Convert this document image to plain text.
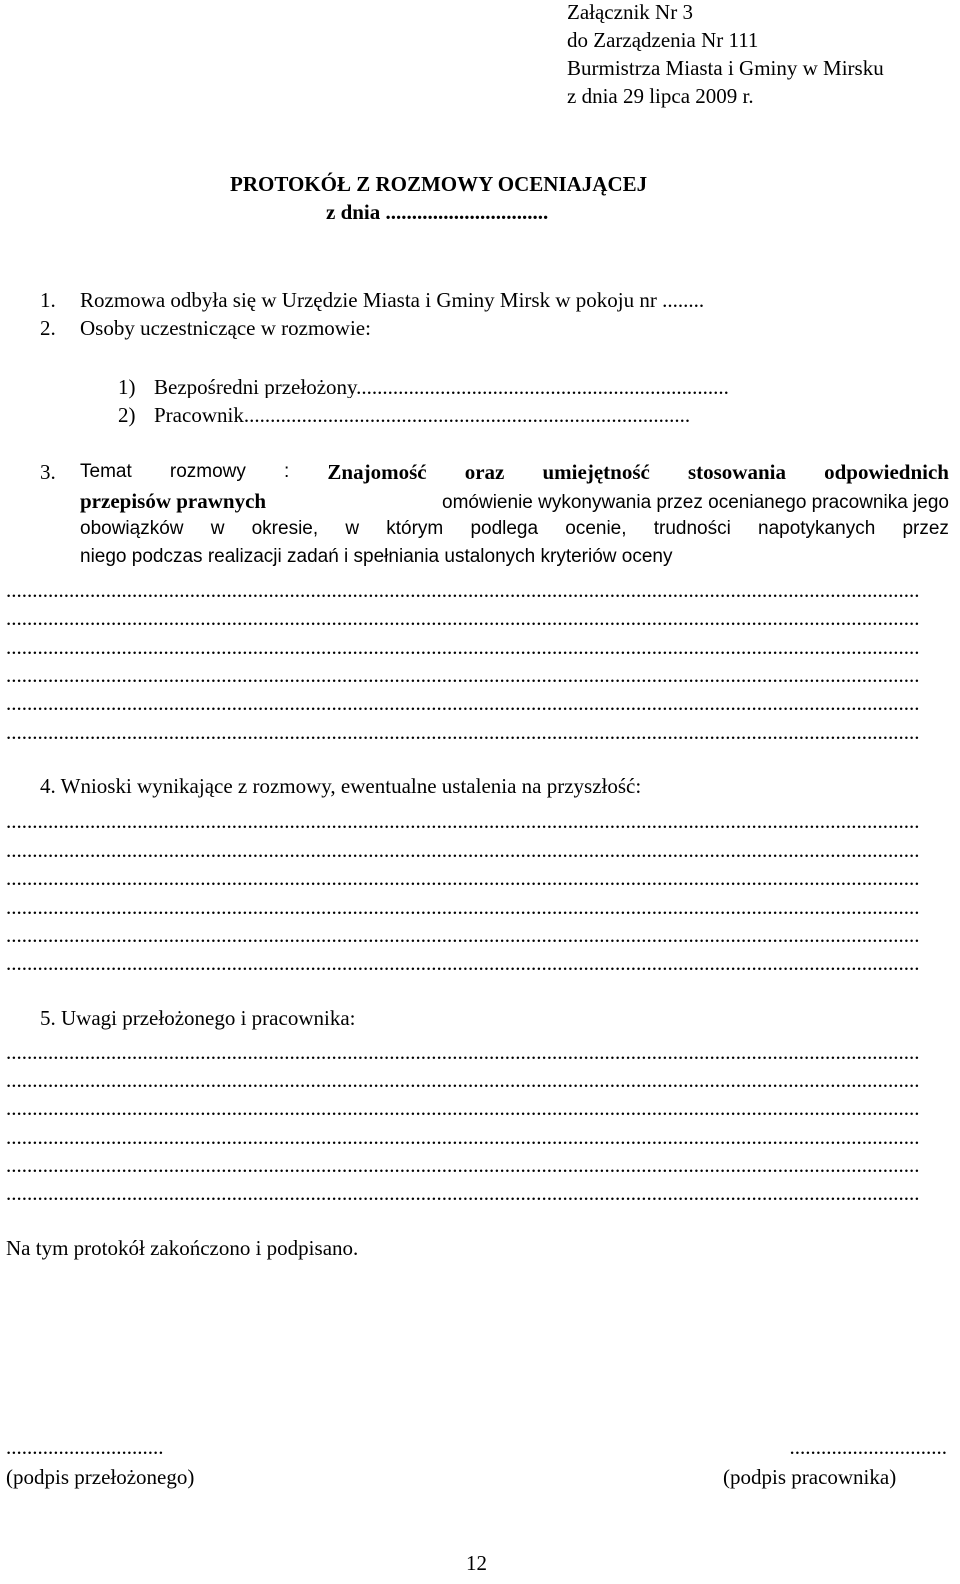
Załącznik Nr 3
do Zarządzenia Nr 111
Burmistrza Miasta i Gminy w Mirsku
z dnia 29 lipca 2009 r.
PROTOKÓŁ Z ROZMOWY OCENIAJĄCEJ
z dnia ...............................
1. Rozmowa odbyła się w Urzędzie Miasta i Gminy Mirsk w pokoju nr ........
2. Osoby uczestniczące w rozmowie:
1) Bezpośredni przełożony.......................................................................
2) Pracownik.....................................................................................
3. Temat rozmowy : Znajomość oraz umiejętność stosowania odpowiednich
przepisów prawnych	omówienie wykonywania przez ocenianego pracownika jego
obowiązków w okresie, w którym podlega ocenie, trudności napotykanych przez
niego podczas realizacji zadań i spełniania ustalonych kryteriów oceny
..............................................................................................................................................................................
..............................................................................................................................................................................
..............................................................................................................................................................................
..............................................................................................................................................................................
..............................................................................................................................................................................
..............................................................................................................................................................................
4. Wnioski wynikające z rozmowy, ewentualne ustalenia na przyszłość:
..............................................................................................................................................................................
..............................................................................................................................................................................
..............................................................................................................................................................................
..............................................................................................................................................................................
..............................................................................................................................................................................
..............................................................................................................................................................................
5. Uwagi przełożonego i pracownika:
..............................................................................................................................................................................
..............................................................................................................................................................................
..............................................................................................................................................................................
..............................................................................................................................................................................
..............................................................................................................................................................................
..............................................................................................................................................................................
Na tym protokół zakończono i podpisano.
..............................
(podpis przełożonego)
..............................
(podpis pracownika)
12
